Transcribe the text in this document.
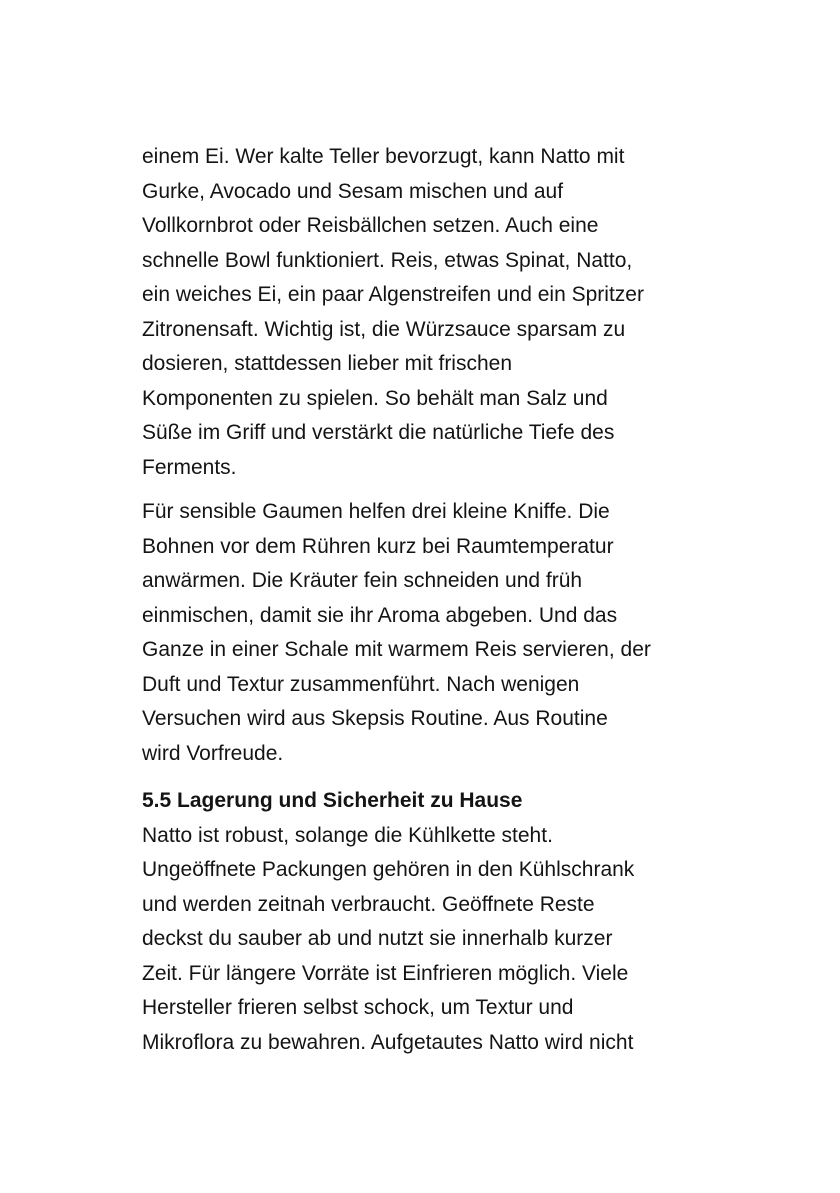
einem Ei. Wer kalte Teller bevorzugt, kann Natto mit
Gurke, Avocado und Sesam mischen und auf
Vollkornbrot oder Reisbällchen setzen. Auch eine
schnelle Bowl funktioniert. Reis, etwas Spinat, Natto,
ein weiches Ei, ein paar Algenstreifen und ein Spritzer
Zitronensaft. Wichtig ist, die Würzsauce sparsam zu
dosieren, stattdessen lieber mit frischen
Komponenten zu spielen. So behält man Salz und
Süße im Griff und verstärkt die natürliche Tiefe des
Ferments.
Für sensible Gaumen helfen drei kleine Kniffe. Die
Bohnen vor dem Rühren kurz bei Raumtemperatur
anwärmen. Die Kräuter fein schneiden und früh
einmischen, damit sie ihr Aroma abgeben. Und das
Ganze in einer Schale mit warmem Reis servieren, der
Duft und Textur zusammenführt. Nach wenigen
Versuchen wird aus Skepsis Routine. Aus Routine
wird Vorfreude.
5.5 Lagerung und Sicherheit zu Hause
Natto ist robust, solange die Kühlkette steht.
Ungeöffnete Packungen gehören in den Kühlschrank
und werden zeitnah verbraucht. Geöffnete Reste
deckst du sauber ab und nutzt sie innerhalb kurzer
Zeit. Für längere Vorräte ist Einfrieren möglich. Viele
Hersteller frieren selbst schock, um Textur und
Mikroflora zu bewahren. Aufgetautes Natto wird nicht
